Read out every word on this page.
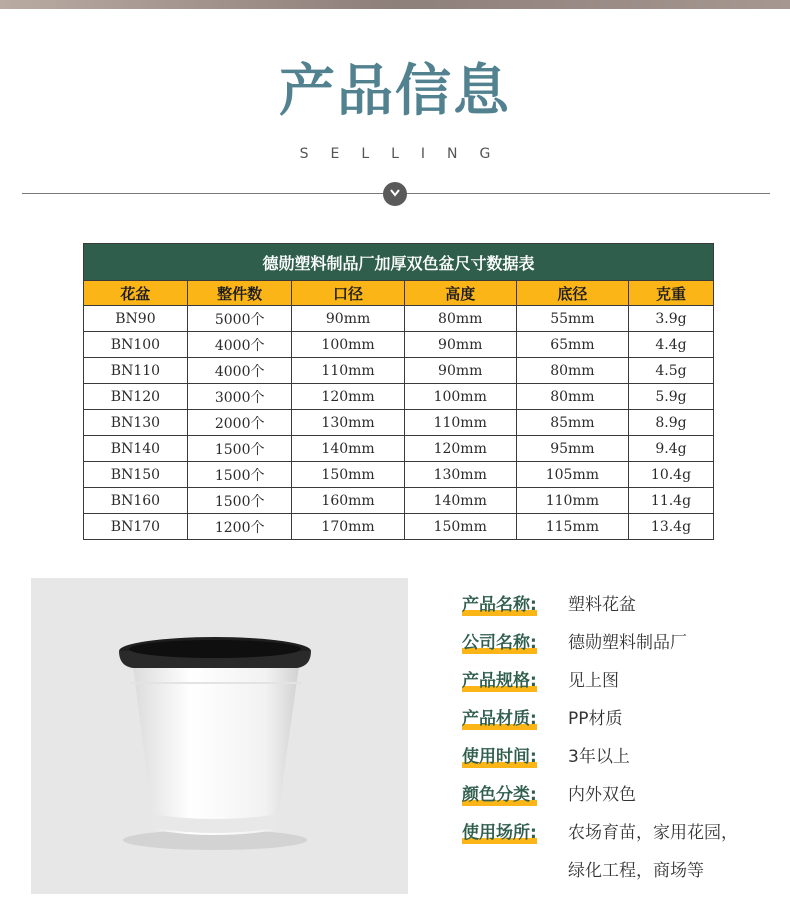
产品信息
SELLING
德勋塑料制品厂加厚双色盆尺寸数据表					
花盆	整件数	口径	高度	底径	克重
BN90	5000个	90mm	80mm	55mm	3.9g
BN100	4000个	100mm	90mm	65mm	4.4g
BN110	4000个	110mm	90mm	80mm	4.5g
BN120	3000个	120mm	100mm	80mm	5.9g
BN130	2000个	130mm	110mm	85mm	8.9g
BN140	1500个	140mm	120mm	95mm	9.4g
BN150	1500个	150mm	130mm	105mm	10.4g
BN160	1500个	160mm	140mm	110mm	11.4g
BN170	1200个	170mm	150mm	115mm	13.4g
产品名称: 塑料花盆
公司名称: 德勋塑料制品厂
产品规格: 见上图
产品材质: PP材质
使用时间: 3年以上
颜色分类: 内外双色
使用场所: 农场育苗，家用花园，
绿化工程，商场等
